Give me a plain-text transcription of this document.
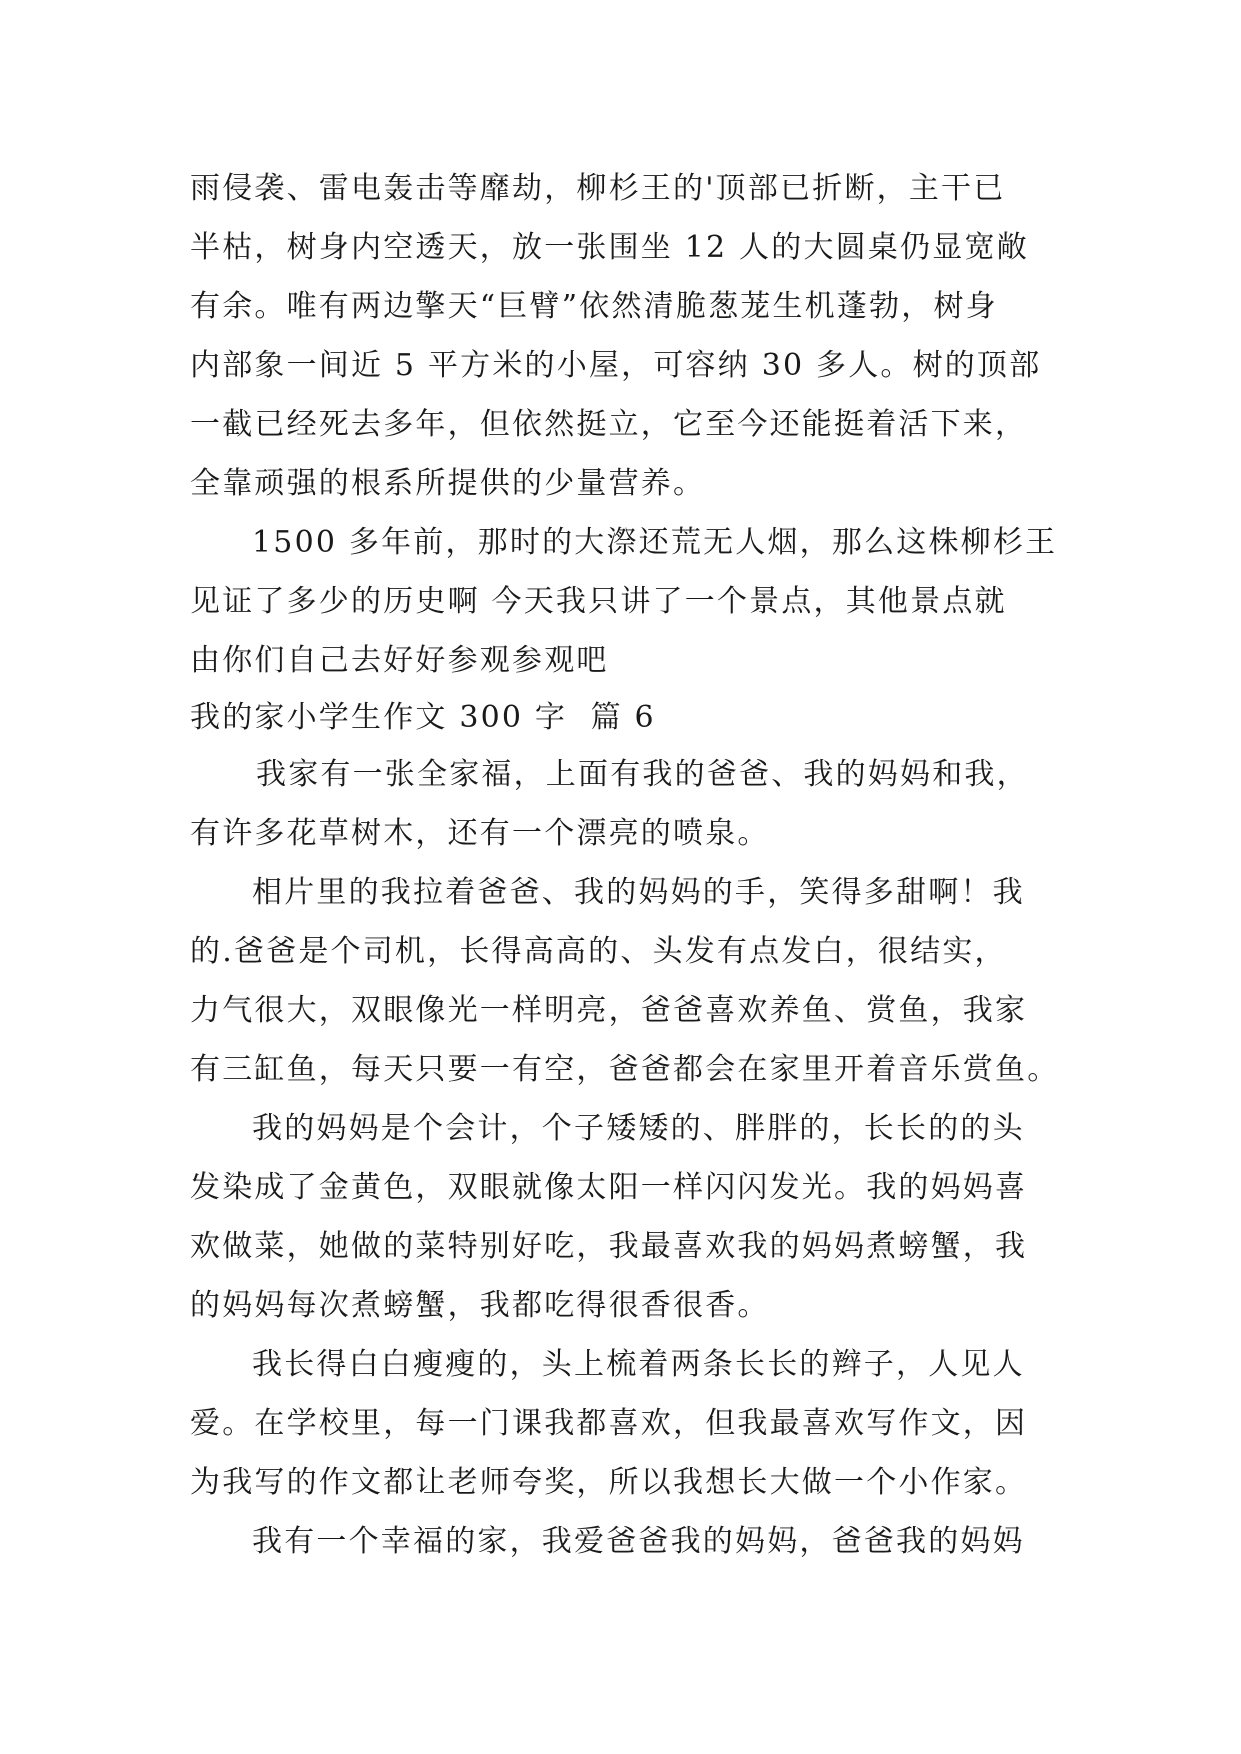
雨侵袭、雷电轰击等靡劫，柳杉王的'顶部已折断，主干已
半枯，树身内空透天，放一张围坐 12 人的大圆桌仍显宽敞
有余。唯有两边擎天“巨臂”依然清脆葱茏生机蓬勃，树身
内部象一间近 5 平方米的小屋，可容纳 30 多人。树的顶部
一截已经死去多年，但依然挺立，它至今还能挺着活下来，
全靠顽强的根系所提供的少量营养。
1500 多年前，那时的大漈还荒无人烟，那么这株柳杉王
见证了多少的历史啊 今天我只讲了一个景点，其他景点就
由你们自己去好好参观参观吧
我的家小学生作文 300 字  篇 6
我家有一张全家福，上面有我的爸爸、我的妈妈和我，
有许多花草树木，还有一个漂亮的喷泉。
相片里的我拉着爸爸、我的妈妈的手，笑得多甜啊！我
的.爸爸是个司机，长得高高的、头发有点发白，很结实，
力气很大，双眼像光一样明亮，爸爸喜欢养鱼、赏鱼，我家
有三缸鱼，每天只要一有空，爸爸都会在家里开着音乐赏鱼。
我的妈妈是个会计，个子矮矮的、胖胖的，长长的的头
发染成了金黄色，双眼就像太阳一样闪闪发光。我的妈妈喜
欢做菜，她做的菜特别好吃，我最喜欢我的妈妈煮螃蟹，我
的妈妈每次煮螃蟹，我都吃得很香很香。
我长得白白瘦瘦的，头上梳着两条长长的辫子，人见人
爱。在学校里，每一门课我都喜欢，但我最喜欢写作文，因
为我写的作文都让老师夸奖，所以我想长大做一个小作家。
我有一个幸福的家，我爱爸爸我的妈妈，爸爸我的妈妈
